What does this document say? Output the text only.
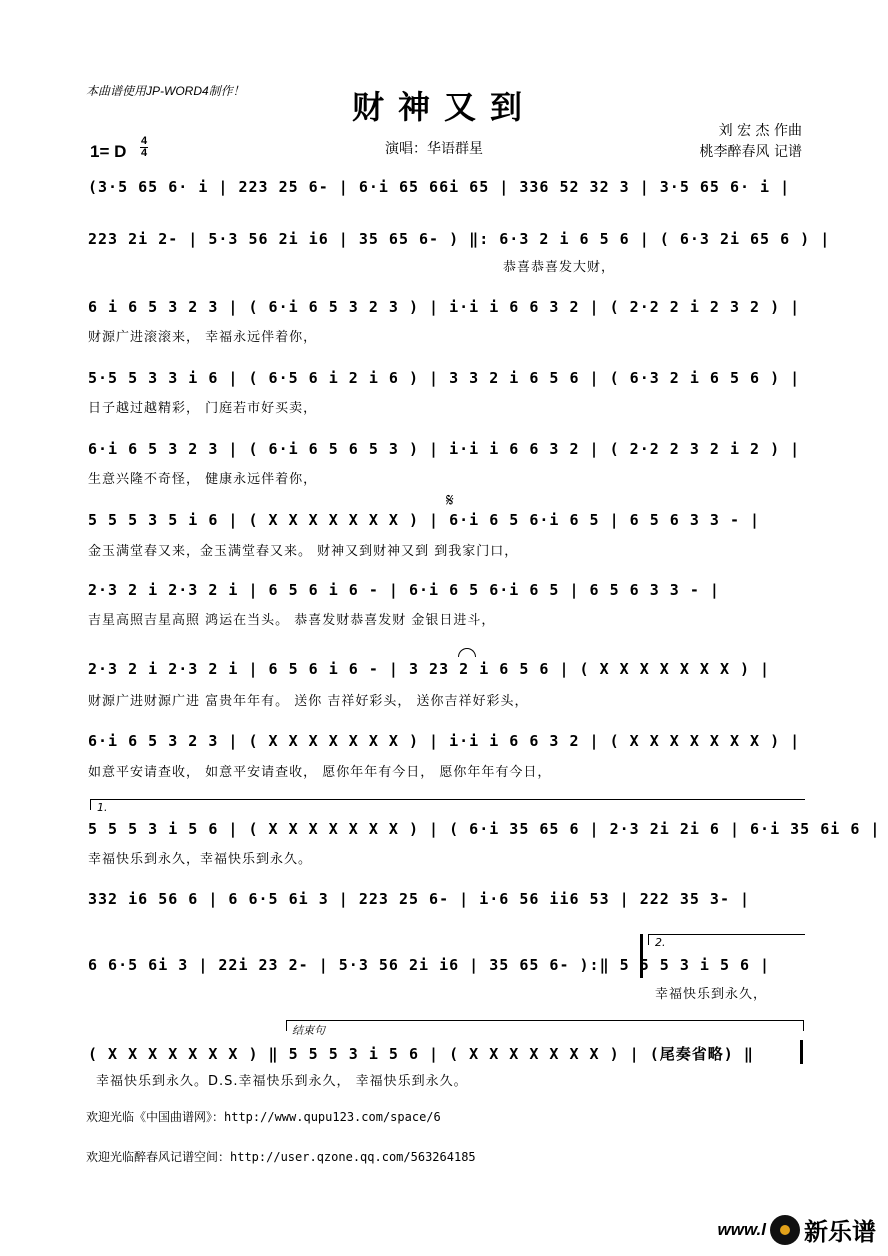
本曲谱使用JP-WORD4制作！	财神又到
刘 宏 杰 作曲
桃李醉春风 记谱
1= D
4
4	演唱：华语群星
(3·5 65 6· i | 223 25 6- | 6·i 65 66i 65 | 336 52 32 3 | 3·5 65 6· i |
223 2i 2- | 5·3 56 2i i6 | 35 65 6- ) ‖: 6·3 2 i 6 5 6 | ( 6·3 2i 65 6 ) |
恭喜恭喜发大财，
6 i 6 5 3 2 3 | ( 6·i 6 5 3 2 3 ) | i·i i 6 6 3 2 | ( 2·2 2 i 2 3 2 ) |
财源广进滚滚来， 幸福永远伴着你，
5·5 5 3 3 i 6 | ( 6·5 6 i 2 i 6 ) | 3 3 2 i 6 5 6 | ( 6·3 2 i 6 5 6 ) |
日子越过越精彩， 门庭若市好买卖，
6·i 6 5 3 2 3 | ( 6·i 6 5 6 5 3 ) | i·i i 6 6 3 2 | ( 2·2 2 3 2 i 2 ) |
生意兴隆不奇怪， 健康永远伴着你，
𝄋
5 5 5 3 5 i 6 | ( X X X X X X X ) | 6·i 6 5 6·i 6 5 | 6 5 6 3 3 - |
金玉满堂春又来，金玉满堂春又来。 财神又到财神又到 到我家门口，
2·3 2 i 2·3 2 i | 6 5 6 i 6 - | 6·i 6 5 6·i 6 5 | 6 5 6 3 3 - |
吉星高照吉星高照 鸿运在当头。 恭喜发财恭喜发财 金银日进斗，
2·3 2 i 2·3 2 i | 6 5 6 i 6 - | 3 23 2 i 6 5 6 | ( X X X X X X X ) |
财源广进财源广进 富贵年年有。 送你 吉祥好彩头， 送你吉祥好彩头，
6·i 6 5 3 2 3 | ( X X X X X X X ) | i·i i 6 6 3 2 | ( X X X X X X X ) |
如意平安请查收， 如意平安请查收， 愿你年年有今日， 愿你年年有今日，
1.
5 5 5 3 i 5 6 | ( X X X X X X X ) | ( 6·i 35 65 6 | 2·3 2i 2i 6 | 6·i 35 6i 6 |
幸福快乐到永久，幸福快乐到永久。
332 i6 56 6 | 6 6·5 6i 3 | 223 25 6- | i·6 56 ii6 53 | 222 35 3- |
2.
6 6·5 6i 3 | 22i 23 2- | 5·3 56 2i i6 | 35 65 6- ):‖ 5 5 5 3 i 5 6 |
幸福快乐到永久，
结束句
( X X X X X X X ) ‖ 5 5 5 3 i 5 6 | ( X X X X X X X ) | (尾奏省略) ‖
幸福快乐到永久。D.S.幸福快乐到永久， 幸福快乐到永久。
欢迎光临《中国曲谱网》：http://www.qupu123.com/space/6
欢迎光临醉春风记谱空间：http://user.qzone.qq.com/563264185
www.l 新乐谱
